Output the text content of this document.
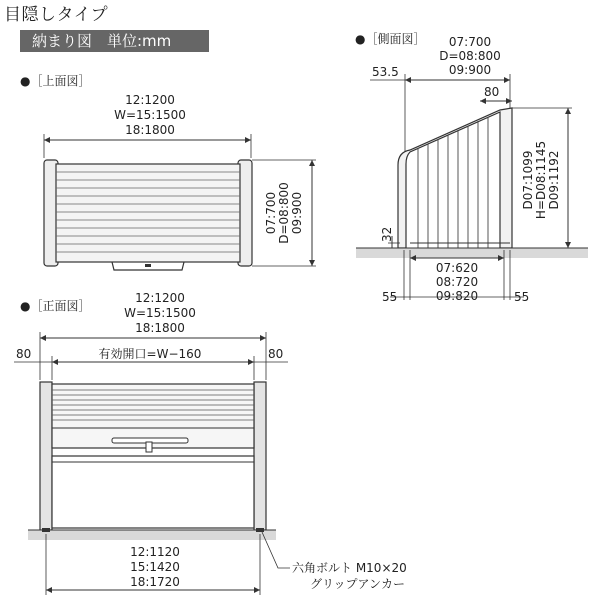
目隠しタイプ
納まり図　単位:mm
●［上面図］
●［側面図］
●［正面図］
12:1200
W=15:1500
18:1800
07:700 D=08:800 09:900
07:700
D=08:800
09:900
53.5
80
D07:1099 H=D08:1145 D09:1192
32
07:620
08:720
09:820
55	55
12:1200
W=15:1500
18:1800
80	80
有効開口=W−160
12:1120
15:1420
18:1720
六角ボルト M10×20
グリップアンカー
